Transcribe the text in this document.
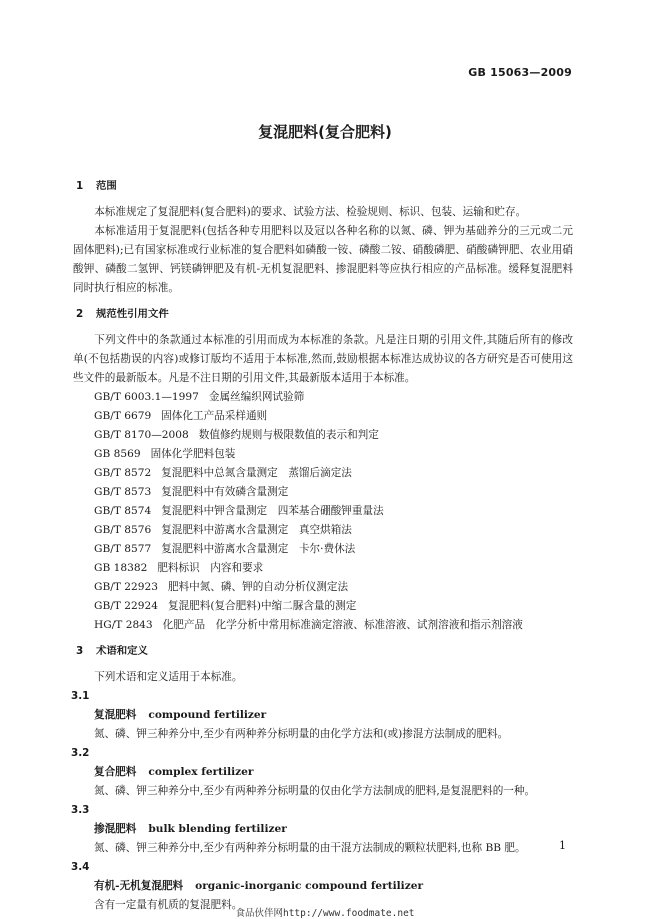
GB 15063—2009
复混肥料(复合肥料)
1 范围

本标准规定了复混肥料(复合肥料)的要求、试验方法、检验规则、标识、包装、运输和贮存。

本标准适用于复混肥料(包括各种专用肥料以及冠以各种名称的以氮、磷、钾为基础养分的三元或二元固体肥料);已有国家标准或行业标准的复合肥料如磷酸一铵、磷酸二铵、硝酸磷肥、硝酸磷钾肥、农业用硝酸钾、磷酸二氢钾、钙镁磷钾肥及有机-无机复混肥料、掺混肥料等应执行相应的产品标准。缓释复混肥料同时执行相应的标准。

2 规范性引用文件

下列文件中的条款通过本标准的引用而成为本标准的条款。凡是注日期的引用文件,其随后所有的修改单(不包括勘误的内容)或修订版均不适用于本标准,然而,鼓励根据本标准达成协议的各方研究是否可使用这些文件的最新版本。凡是不注日期的引用文件,其最新版本适用于本标准。

GB/T 6003.1—1997 金属丝编织网试验筛
GB/T 6679 固体化工产品采样通则
GB/T 8170—2008 数值修约规则与极限数值的表示和判定
GB 8569 固体化学肥料包装
GB/T 8572 复混肥料中总氮含量测定　蒸馏后滴定法
GB/T 8573 复混肥料中有效磷含量测定
GB/T 8574 复混肥料中钾含量测定　四苯基合硼酸钾重量法
GB/T 8576 复混肥料中游离水含量测定　真空烘箱法
GB/T 8577 复混肥料中游离水含量测定　卡尔·费休法
GB 18382 肥料标识　内容和要求
GB/T 22923 肥料中氮、磷、钾的自动分析仪测定法
GB/T 22924 复混肥料(复合肥料)中缩二脲含量的测定
HG/T 2843 化肥产品　化学分析中常用标准滴定溶液、标准溶液、试剂溶液和指示剂溶液
3 术语和定义

下列术语和定义适用于本标准。

3.1
复混肥料 compound fertilizer
氮、磷、钾三种养分中,至少有两种养分标明量的由化学方法和(或)掺混方法制成的肥料。
3.2
复合肥料 complex fertilizer
氮、磷、钾三种养分中,至少有两种养分标明量的仅由化学方法制成的肥料,是复混肥料的一种。
3.3
掺混肥料 bulk blending fertilizer
氮、磷、钾三种养分中,至少有两种养分标明量的由干混方法制成的颗粒状肥料,也称 BB 肥。
3.4
有机-无机复混肥料 organic-inorganic compound fertilizer
含有一定量有机质的复混肥料。
1
食品伙伴网http://www.foodmate.net
